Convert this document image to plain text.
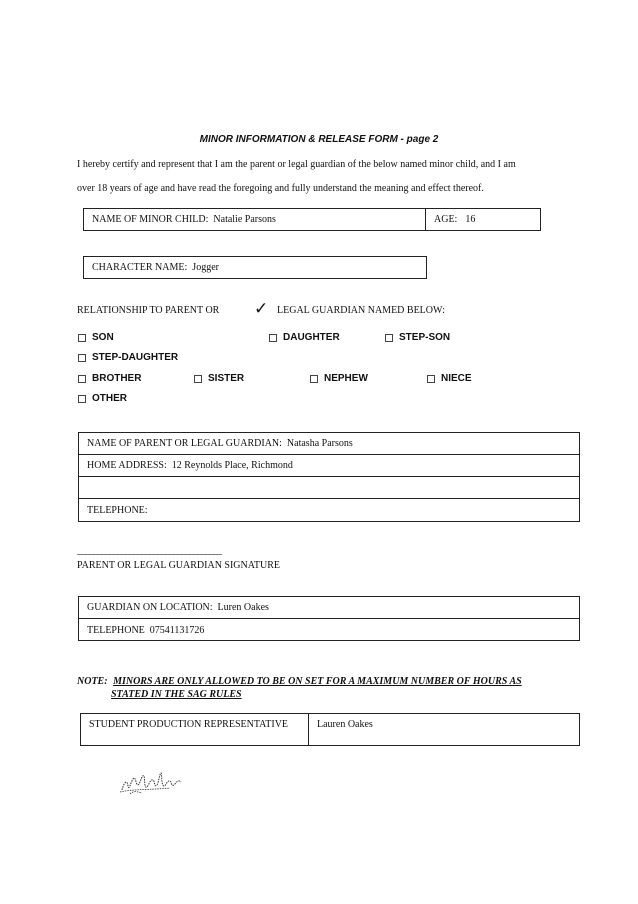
MINOR INFORMATION & RELEASE FORM - page 2
I hereby certify and represent that I am the parent or legal guardian of the below named minor child, and I am
over 18 years of age and have read the foregoing and fully understand the meaning and effect thereof.
NAME OF MINOR CHILD: Natalie Parsons	AGE: 16
CHARACTER NAME: Jogger
RELATIONSHIP TO PARENT OR ✓ LEGAL GUARDIAN NAMED BELOW:
SON	DAUGHTER	STEP-SON
STEP-DAUGHTER
BROTHER	SISTER	NEPHEW	NIECE
OTHER
NAME OF PARENT OR LEGAL GUARDIAN: Natasha Parsons
HOME ADDRESS: 12 Reynolds Place, Richmond
TELEPHONE:
____________________________________
PARENT OR LEGAL GUARDIAN SIGNATURE
GUARDIAN ON LOCATION: Luren Oakes
TELEPHONE 07541131726
NOTE: MINORS ARE ONLY ALLOWED TO BE ON SET FOR A MAXIMUM NUMBER OF HOURS AS
STATED IN THE SAG RULES
STUDENT PRODUCTION REPRESENTATIVE	Lauren Oakes
